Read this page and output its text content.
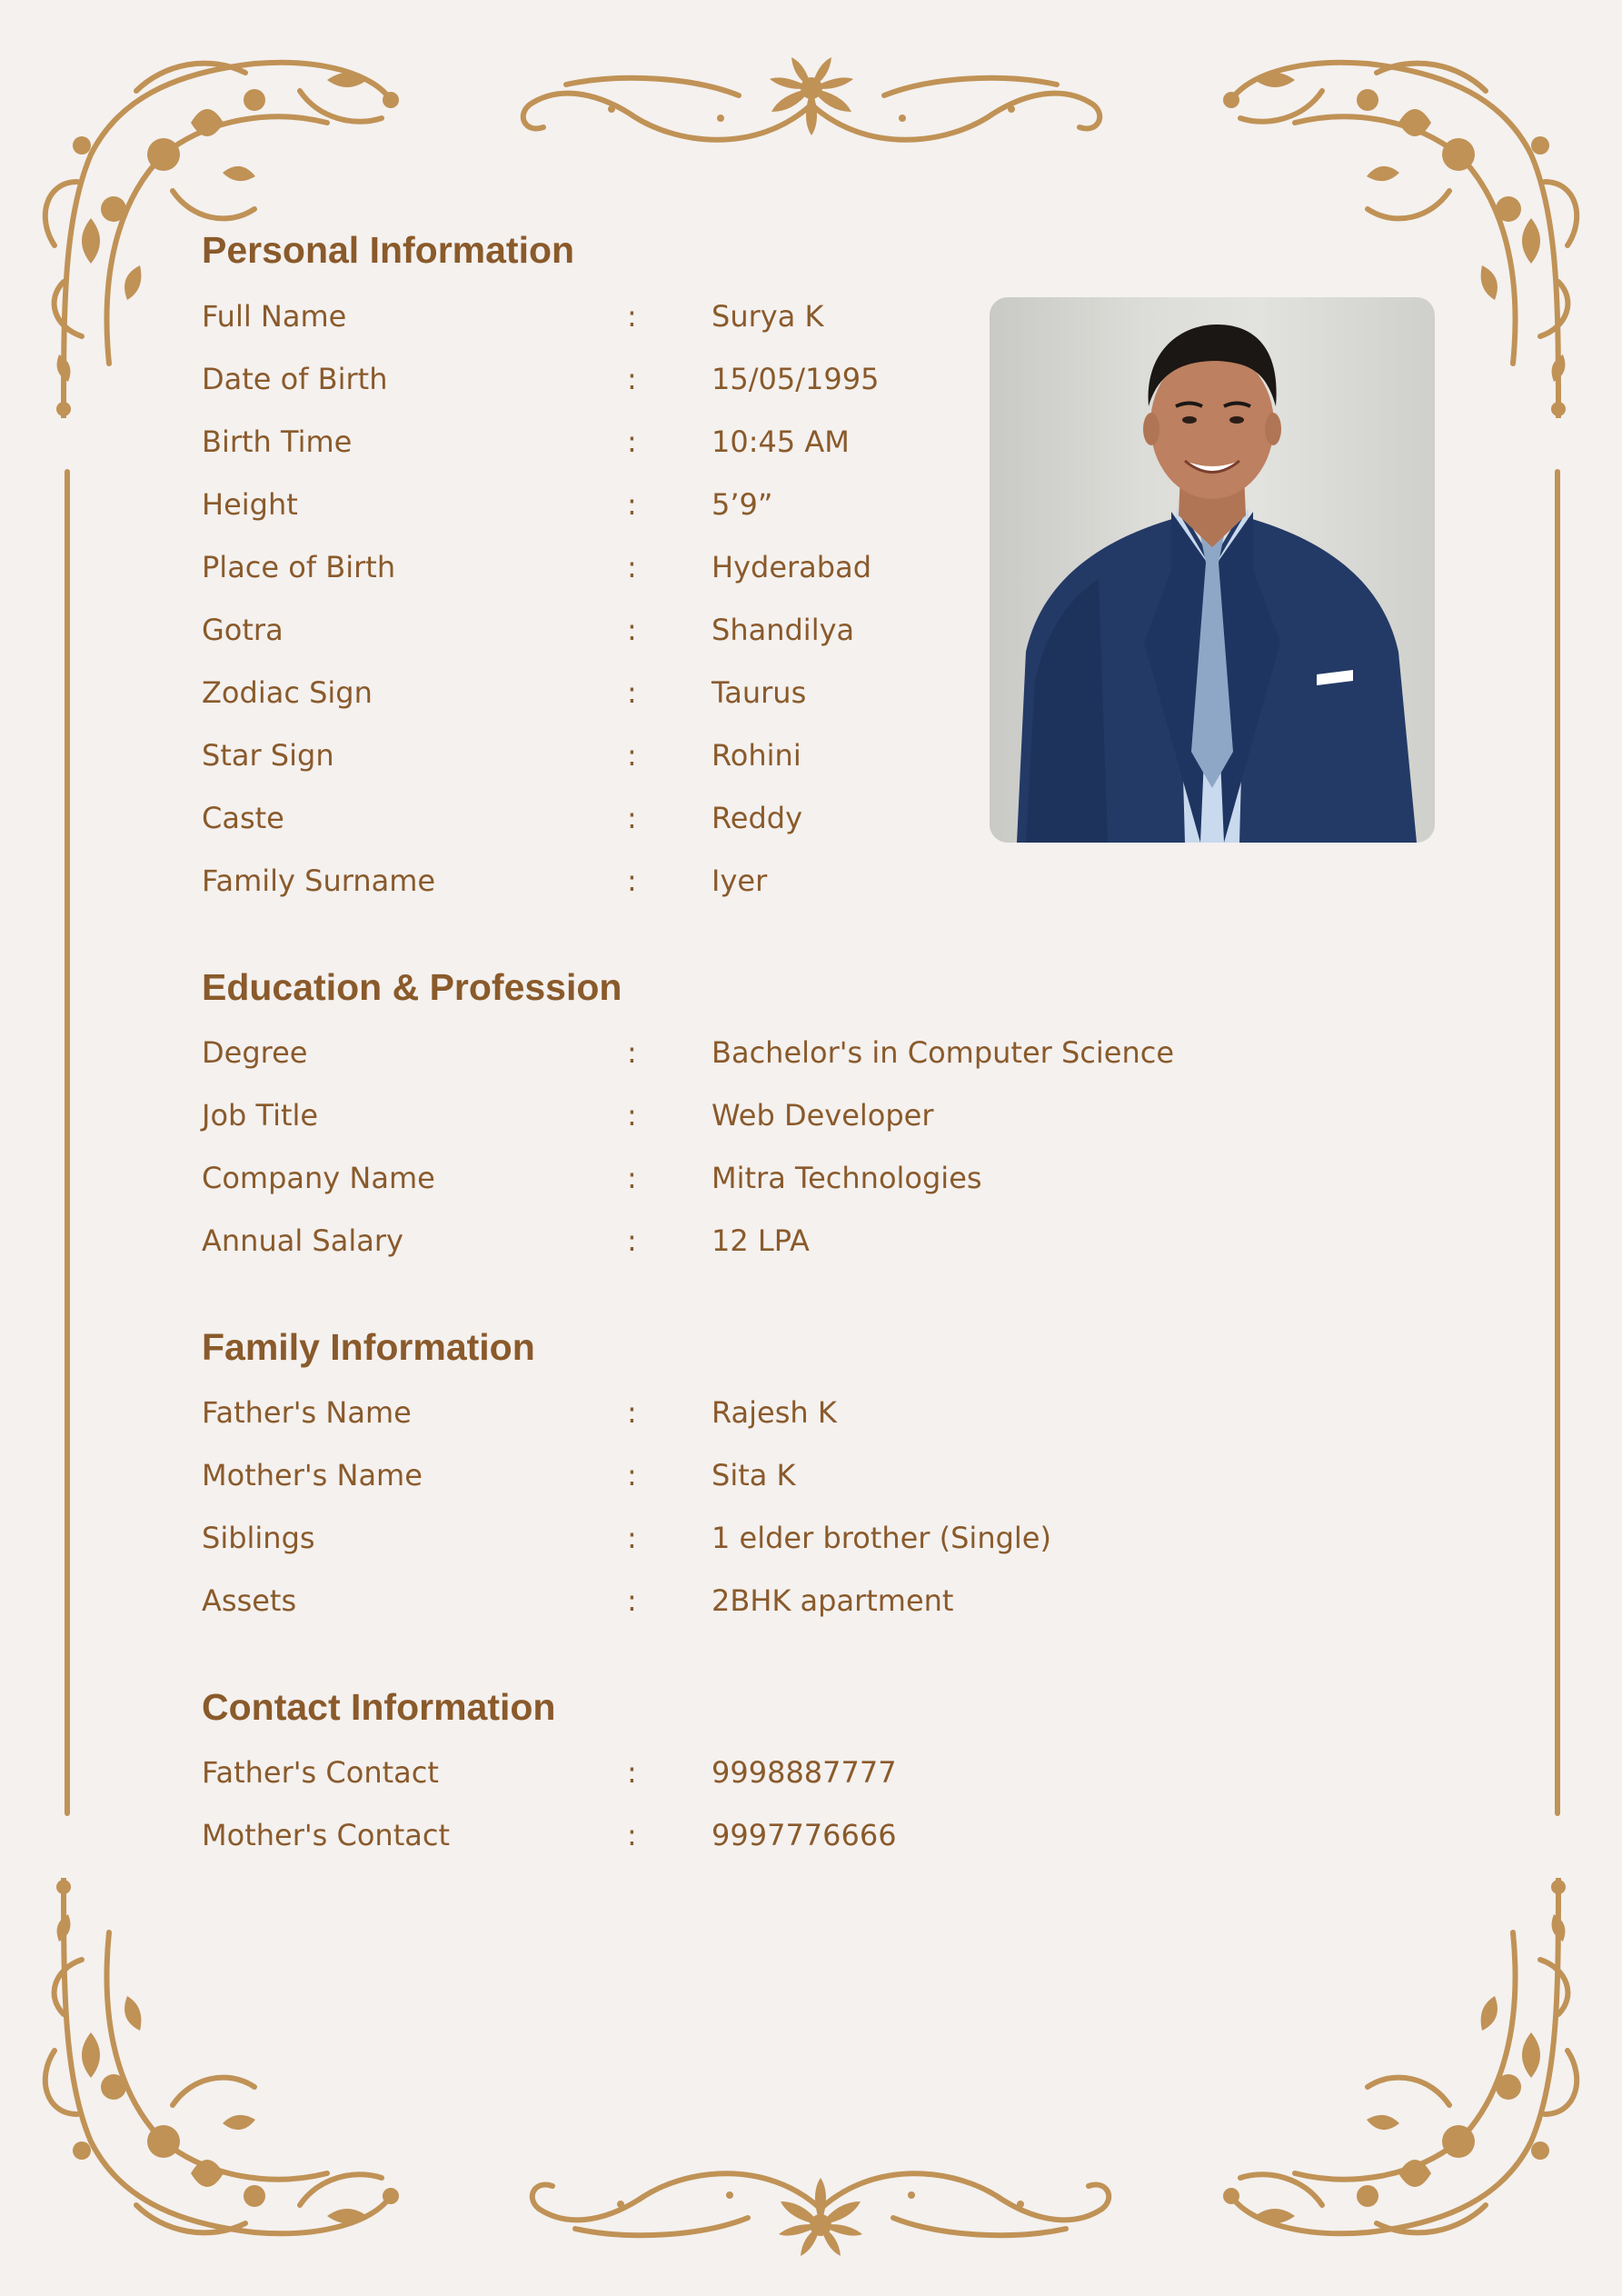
Personal Information
Full Name	:	Surya K
Date of Birth	:	15/05/1995
Birth Time	:	10:45 AM
Height	:	5’9”
Place of Birth	:	Hyderabad
Gotra	:	Shandilya
Zodiac Sign	:	Taurus
Star Sign	:	Rohini
Caste	:	Reddy
Family Surname	:	Iyer
Education & Profession
Degree	:	Bachelor's in Computer Science
Job Title	:	Web Developer
Company Name	:	Mitra Technologies
Annual Salary	:	12 LPA
Family Information
Father's Name	:	Rajesh K
Mother's Name	:	Sita K
Siblings	:	1 elder brother (Single)
Assets	:	2BHK apartment
Contact Information
Father's Contact	:	9998887777
Mother's Contact	:	9997776666
